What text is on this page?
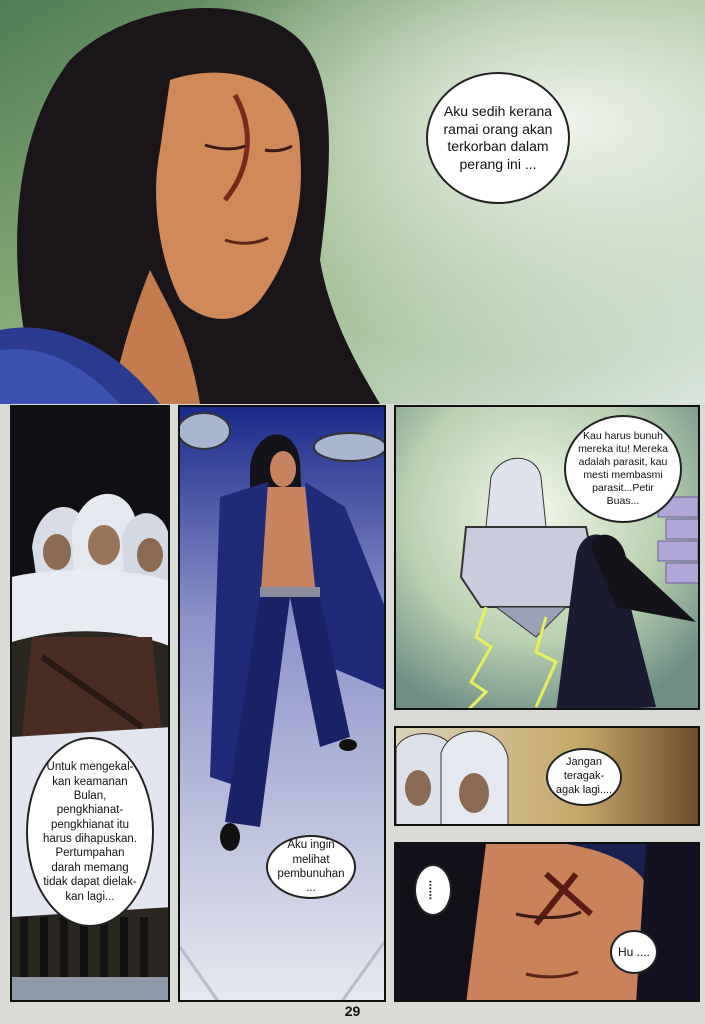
Aku sedih kerana ramai orang akan terkorban dalam perang ini ...
Untuk mengekal-kan keamanan Bulan, pengkhianat-pengkhianat itu harus dihapuskan. Pertumpahan darah memang tidak dapat dielak-kan lagi...
Aku ingin melihat pembunuhan ...
Kau harus bunuh mereka itu! Mereka adalah parasit, kau mesti membasmi parasit...Petir Buas...
Jangan teragak-agak lagi....
......
Hu ....
29
